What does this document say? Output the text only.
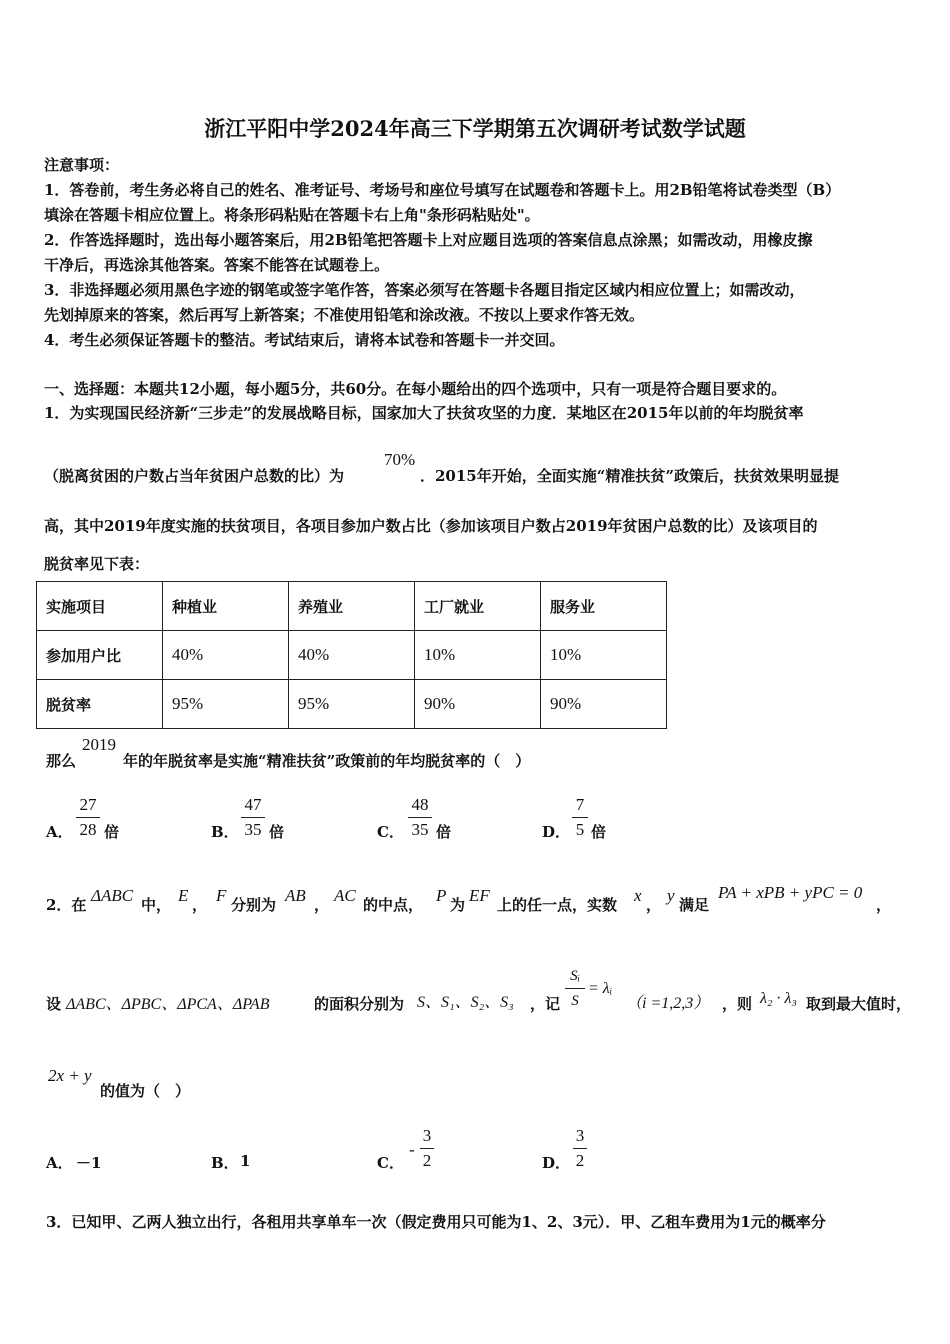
浙江平阳中学2024年高三下学期第五次调研考试数学试题
注意事项：
1．答卷前，考生务必将自己的姓名、准考证号、考场号和座位号填写在试题卷和答题卡上。用2B铅笔将试卷类型（B）
填涂在答题卡相应位置上。将条形码粘贴在答题卡右上角"条形码粘贴处"。
2．作答选择题时，选出每小题答案后，用2B铅笔把答题卡上对应题目选项的答案信息点涂黑；如需改动，用橡皮擦
干净后，再选涂其他答案。答案不能答在试题卷上。
3．非选择题必须用黑色字迹的钢笔或签字笔作答，答案必须写在答题卡各题目指定区域内相应位置上；如需改动，
先划掉原来的答案，然后再写上新答案；不准使用铅笔和涂改液。不按以上要求作答无效。
4．考生必须保证答题卡的整洁。考试结束后，请将本试卷和答题卡一并交回。
一、选择题：本题共12小题，每小题5分，共60分。在每小题给出的四个选项中，只有一项是符合题目要求的。
1．为实现国民经济新“三步走”的发展战略目标，国家加大了扶贫攻坚的力度．某地区在2015年以前的年均脱贫率
（脱离贫困的户数占当年贫困户总数的比）为
70%
．2015年开始，全面实施“精准扶贫”政策后，扶贫效果明显提
高，其中2019年度实施的扶贫项目，各项目参加户数占比（参加该项目户数占2019年贫困户总数的比）及该项目的
脱贫率见下表：
实施项目	种植业	养殖业	工厂就业	服务业
参加用户比	40%	40%	10%	10%
脱贫率	95%	95%	90%	90%
那么
2019
年的年脱贫率是实施“精准扶贫”政策前的年均脱贫率的（　）
A．
27
28 倍	B．
47
35 倍	C．
48
35 倍	D．
7
5 倍
2．在 ΔABC 中， E ， F 分别为 AB ， AC 的中点， P 为 EF 上的任一点，实数 x ， y 满足
PA + xPB + yPC = 0
，
设 ΔABC、ΔPBC、ΔPCA、ΔPAB	的面积分别为 S、S₁、S₂、S₃ ，记
Sᵢ
S
= λᵢ
（i =1,2,3） ，则 λ₂ · λ₃ 取到最大值时，
2x + y
的值为（　）
A． －1	B． 1	C．
-
3
2	D．
3
2
3．已知甲、乙两人独立出行，各租用共享单车一次（假定费用只可能为1、2、3元）．甲、乙租车费用为1元的概率分
